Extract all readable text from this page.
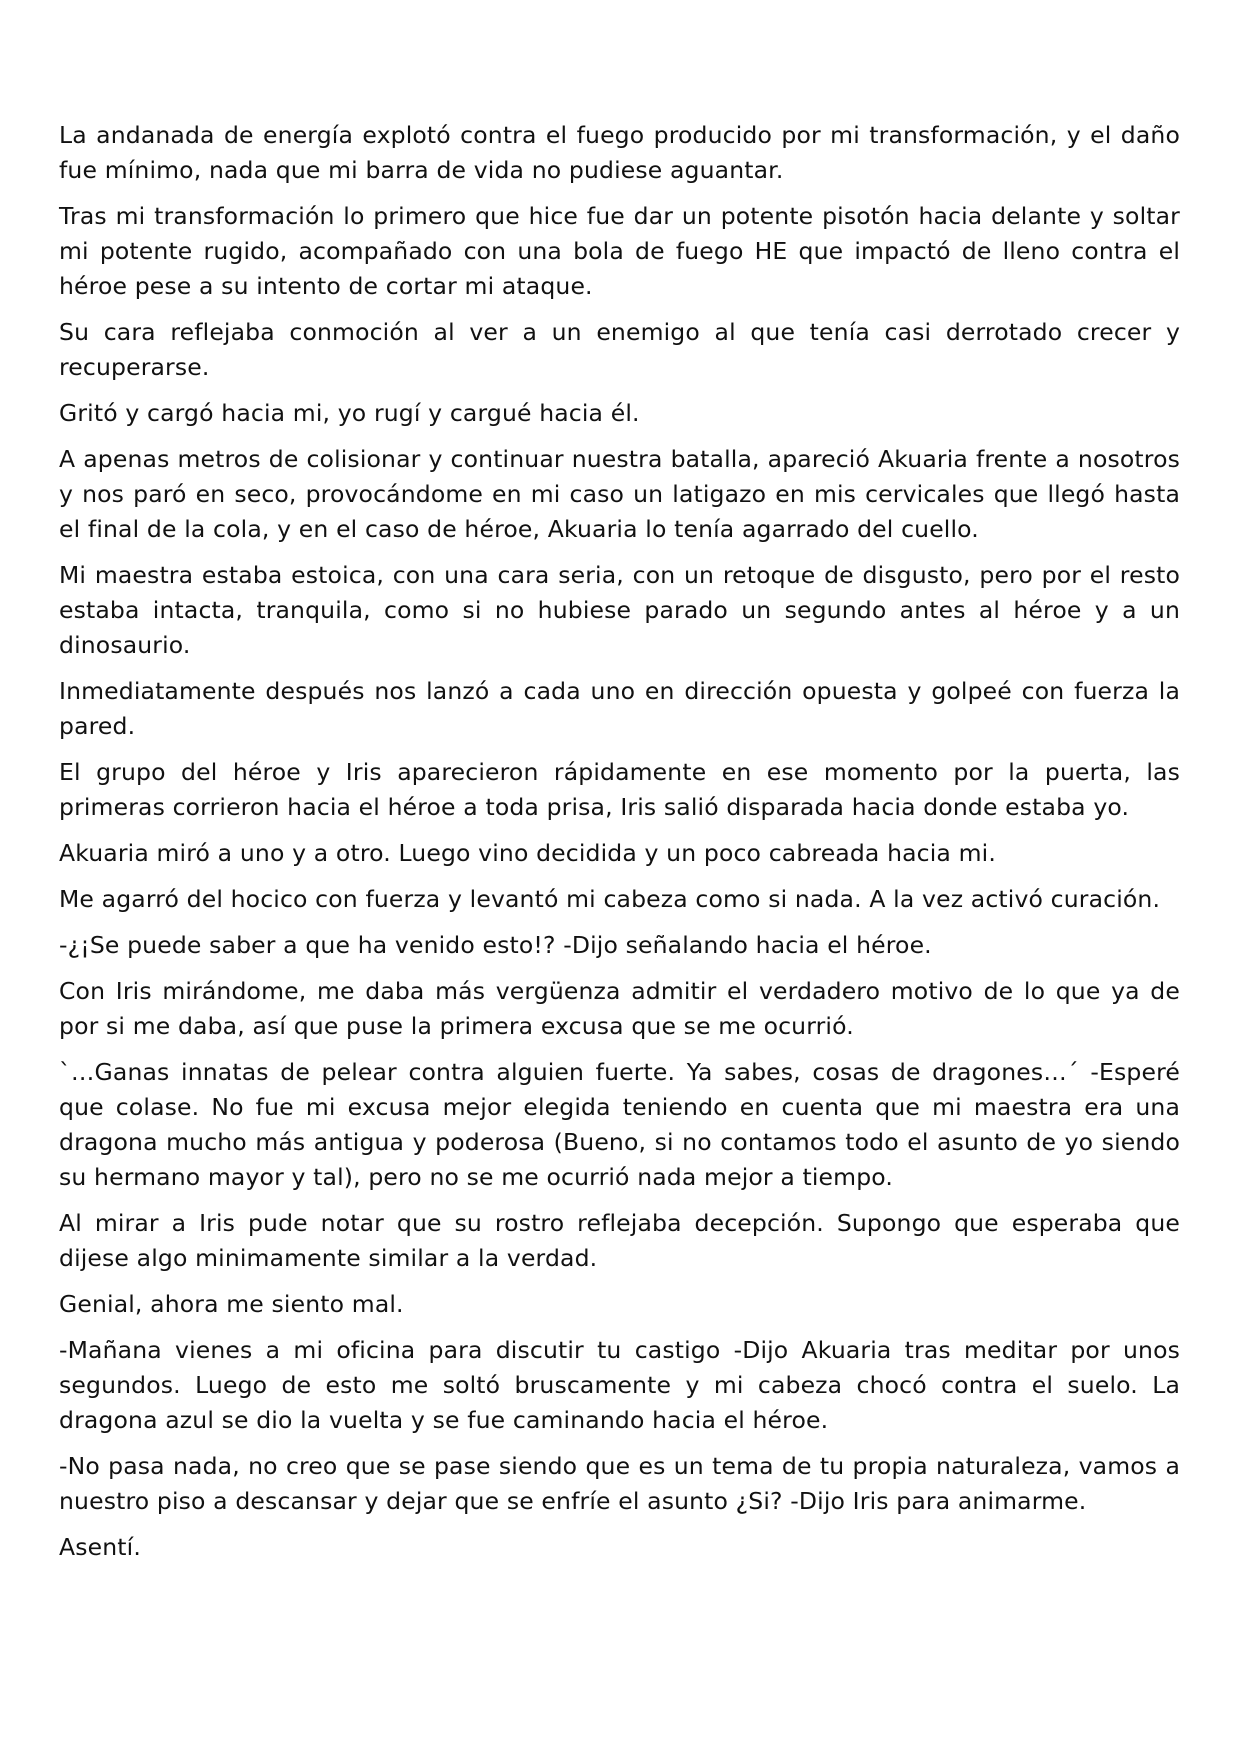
La andanada de energía explotó contra el fuego producido por mi transformación, y el daño fue mínimo, nada que mi barra de vida no pudiese aguantar.

Tras mi transformación lo primero que hice fue dar un potente pisotón hacia delante y soltar mi potente rugido, acompañado con una bola de fuego HE que impactó de lleno contra el héroe pese a su intento de cortar mi ataque.

Su cara reflejaba conmoción al ver a un enemigo al que tenía casi derrotado crecer y recuperarse.

Gritó y cargó hacia mi, yo rugí y cargué hacia él.

A apenas metros de colisionar y continuar nuestra batalla, apareció Akuaria frente a nosotros y nos paró en seco, provocándome en mi caso un latigazo en mis cervicales que llegó hasta el final de la cola, y en el caso de héroe, Akuaria lo tenía agarrado del cuello.

Mi maestra estaba estoica, con una cara seria, con un retoque de disgusto, pero por el resto estaba intacta, tranquila, como si no hubiese parado un segundo antes al héroe y a un dinosaurio.

Inmediatamente después nos lanzó a cada uno en dirección opuesta y golpeé con fuerza la pared.

El grupo del héroe y Iris aparecieron rápidamente en ese momento por la puerta, las primeras corrieron hacia el héroe a toda prisa, Iris salió disparada hacia donde estaba yo.

Akuaria miró a uno y a otro. Luego vino decidida y un poco cabreada hacia mi.

Me agarró del hocico con fuerza y levantó mi cabeza como si nada. A la vez activó curación.

-¿¡Se puede saber a que ha venido esto!? -Dijo señalando hacia el héroe.

Con Iris mirándome, me daba más vergüenza admitir el verdadero motivo de lo que ya de por si me daba, así que puse la primera excusa que se me ocurrió.

`…Ganas innatas de pelear contra alguien fuerte. Ya sabes, cosas de dragones…´ -Esperé que colase. No fue mi excusa mejor elegida teniendo en cuenta que mi maestra era una dragona mucho más antigua y poderosa (Bueno, si no contamos todo el asunto de yo siendo su hermano mayor y tal), pero no se me ocurrió nada mejor a tiempo.

Al mirar a Iris pude notar que su rostro reflejaba decepción. Supongo que esperaba que dijese algo minimamente similar a la verdad.

Genial, ahora me siento mal.

-Mañana vienes a mi oficina para discutir tu castigo -Dijo Akuaria tras meditar por unos segundos. Luego de esto me soltó bruscamente y mi cabeza chocó contra el suelo. La dragona azul se dio la vuelta y se fue caminando hacia el héroe.

-No pasa nada, no creo que se pase siendo que es un tema de tu propia naturaleza, vamos a nuestro piso a descansar y dejar que se enfríe el asunto ¿Si? -Dijo Iris para animarme.

Asentí.
